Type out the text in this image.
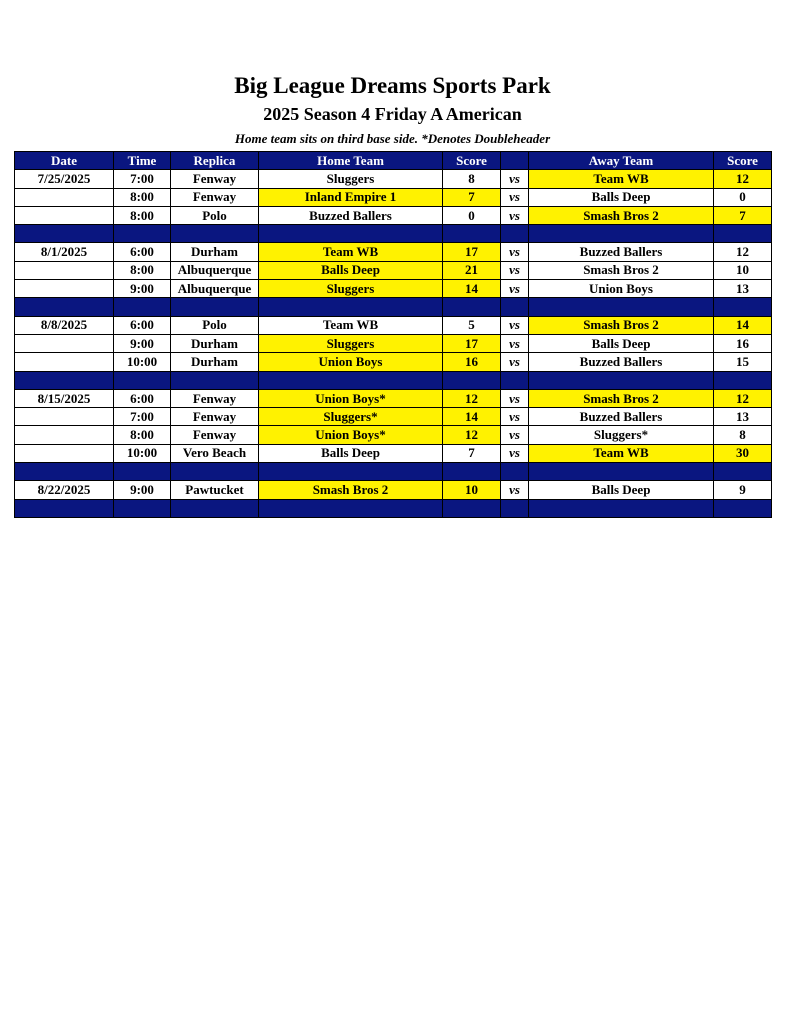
Big League Dreams Sports Park
2025 Season 4 Friday A American
Home team sits on third base side. *Denotes Doubleheader
Date	Time	Replica	Home Team	Score		Away Team	Score
7/25/2025	7:00	Fenway	Sluggers	8	vs	Team WB	12
	8:00	Fenway	Inland Empire 1	7	vs	Balls Deep	0
	8:00	Polo	Buzzed Ballers	0	vs	Smash Bros 2	7

8/1/2025	6:00	Durham	Team WB	17	vs	Buzzed Ballers	12
	8:00	Albuquerque	Balls Deep	21	vs	Smash Bros 2	10
	9:00	Albuquerque	Sluggers	14	vs	Union Boys	13

8/8/2025	6:00	Polo	Team WB	5	vs	Smash Bros 2	14
	9:00	Durham	Sluggers	17	vs	Balls Deep	16
	10:00	Durham	Union Boys	16	vs	Buzzed Ballers	15

8/15/2025	6:00	Fenway	Union Boys*	12	vs	Smash Bros 2	12
	7:00	Fenway	Sluggers*	14	vs	Buzzed Ballers	13
	8:00	Fenway	Union Boys*	12	vs	Sluggers*	8
	10:00	Vero Beach	Balls Deep	7	vs	Team WB	30

8/22/2025	9:00	Pawtucket	Smash Bros 2	10	vs	Balls Deep	9
